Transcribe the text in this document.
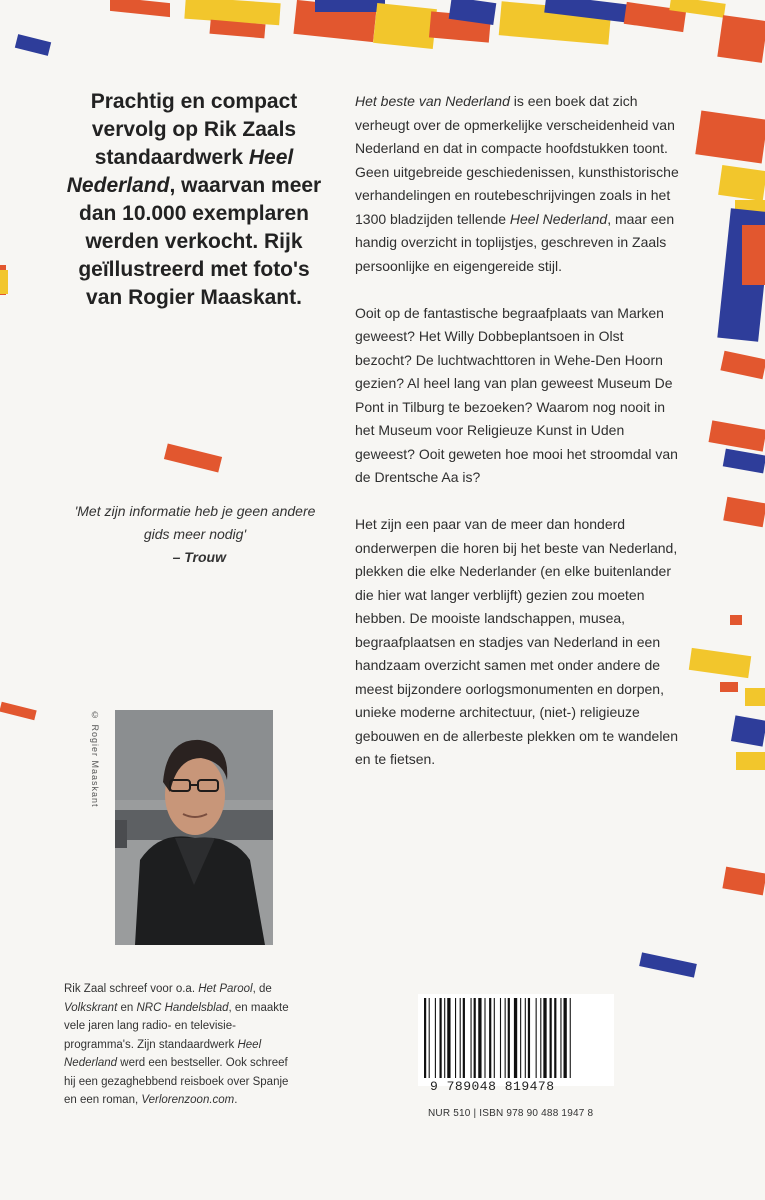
Prachtig en compact vervolg op Rik Zaals standaardwerk Heel Nederland, waarvan meer dan 10.000 exemplaren werden verkocht. Rijk geïllustreerd met foto's van Rogier Maaskant.
'Met zijn informatie heb je geen andere gids meer nodig'
– Trouw
© Rogier Maaskant
Rik Zaal schreef voor o.a. Het Parool, de Volkskrant en NRC Handelsblad, en maakte vele jaren lang radio- en televisie-programma's. Zijn standaardwerk Heel Nederland werd een bestseller. Ook schreef hij een gezaghebbend reisboek over Spanje en een roman, Verlorenzoon.com.

Het beste van Nederland is een boek dat zich verheugt over de opmerkelijke verscheidenheid van Nederland en dat in compacte hoofdstukken toont. Geen uitgebreide geschiedenissen, kunsthistorische verhandelingen en routebeschrijvingen zoals in het 1300 bladzijden tellende Heel Nederland, maar een handig overzicht in toplijstjes, geschreven in Zaals persoonlijke en eigengereide stijl.

Ooit op de fantastische begraafplaats van Marken geweest? Het Willy Dobbeplantsoen in Olst bezocht? De luchtwachttoren in Wehe-Den Hoorn gezien? Al heel lang van plan geweest Museum De Pont in Tilburg te bezoeken? Waarom nog nooit in het Museum voor Religieuze Kunst in Uden geweest? Ooit geweten hoe mooi het stroomdal van de Drentsche Aa is?

Het zijn een paar van de meer dan honderd onderwerpen die horen bij het beste van Nederland, plekken die elke Nederlander (en elke buitenlander die hier wat langer verblijft) gezien zou moeten hebben. De mooiste landschappen, musea, begraafplaatsen en stadjes van Nederland in een handzaam overzicht samen met onder andere de meest bijzondere oorlogsmonumenten en dorpen, unieke moderne architectuur, (niet-) religieuze gebouwen en de allerbeste plekken om te wandelen en te fietsen.

9 789048 819478
NUR 510 | ISBN 978 90 488 1947 8
